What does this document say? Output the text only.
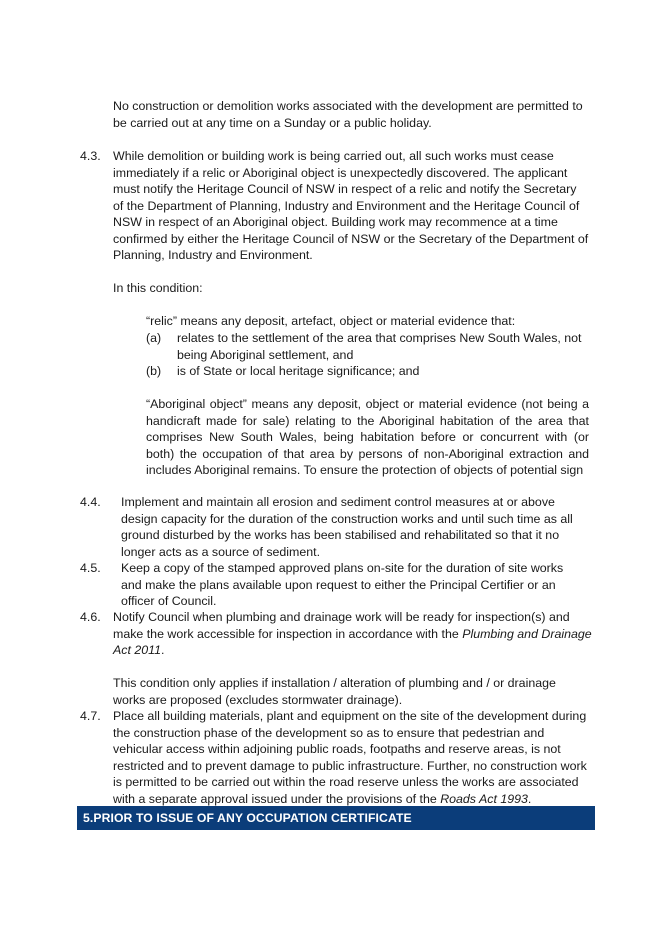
No construction or demolition works associated with the development are permitted to be carried out at any time on a Sunday or a public holiday.

4.3. While demolition or building work is being carried out, all such works must cease immediately if a relic or Aboriginal object is unexpectedly discovered. The applicant must notify the Heritage Council of NSW in respect of a relic and notify the Secretary of the Department of Planning, Industry and Environment and the Heritage Council of NSW in respect of an Aboriginal object. Building work may recommence at a time confirmed by either the Heritage Council of NSW or the Secretary of the Department of Planning, Industry and Environment.

In this condition:

“relic” means any deposit, artefact, object or material evidence that:

(a) relates to the settlement of the area that comprises New South Wales, not being Aboriginal settlement, and

(b) is of State or local heritage significance; and

“Aboriginal object” means any deposit, object or material evidence (not being a handicraft made for sale) relating to the Aboriginal habitation of the area that comprises New South Wales, being habitation before or concurrent with (or both) the occupation of that area by persons of non-Aboriginal extraction and includes Aboriginal remains. To ensure the protection of objects of potential sign

4.4. Implement and maintain all erosion and sediment control measures at or above design capacity for the duration of the construction works and until such time as all ground disturbed by the works has been stabilised and rehabilitated so that it no longer acts as a source of sediment.

4.5. Keep a copy of the stamped approved plans on-site for the duration of site works and make the plans available upon request to either the Principal Certifier or an officer of Council.

4.6. Notify Council when plumbing and drainage work will be ready for inspection(s) and make the work accessible for inspection in accordance with the Plumbing and Drainage Act 2011.

This condition only applies if installation / alteration of plumbing and / or drainage works are proposed (excludes stormwater drainage).

4.7. Place all building materials, plant and equipment on the site of the development during the construction phase of the development so as to ensure that pedestrian and vehicular access within adjoining public roads, footpaths and reserve areas, is not restricted and to prevent damage to public infrastructure. Further, no construction work is permitted to be carried out within the road reserve unless the works are associated with a separate approval issued under the provisions of the Roads Act 1993.

5.PRIOR TO ISSUE OF ANY OCCUPATION CERTIFICATE
